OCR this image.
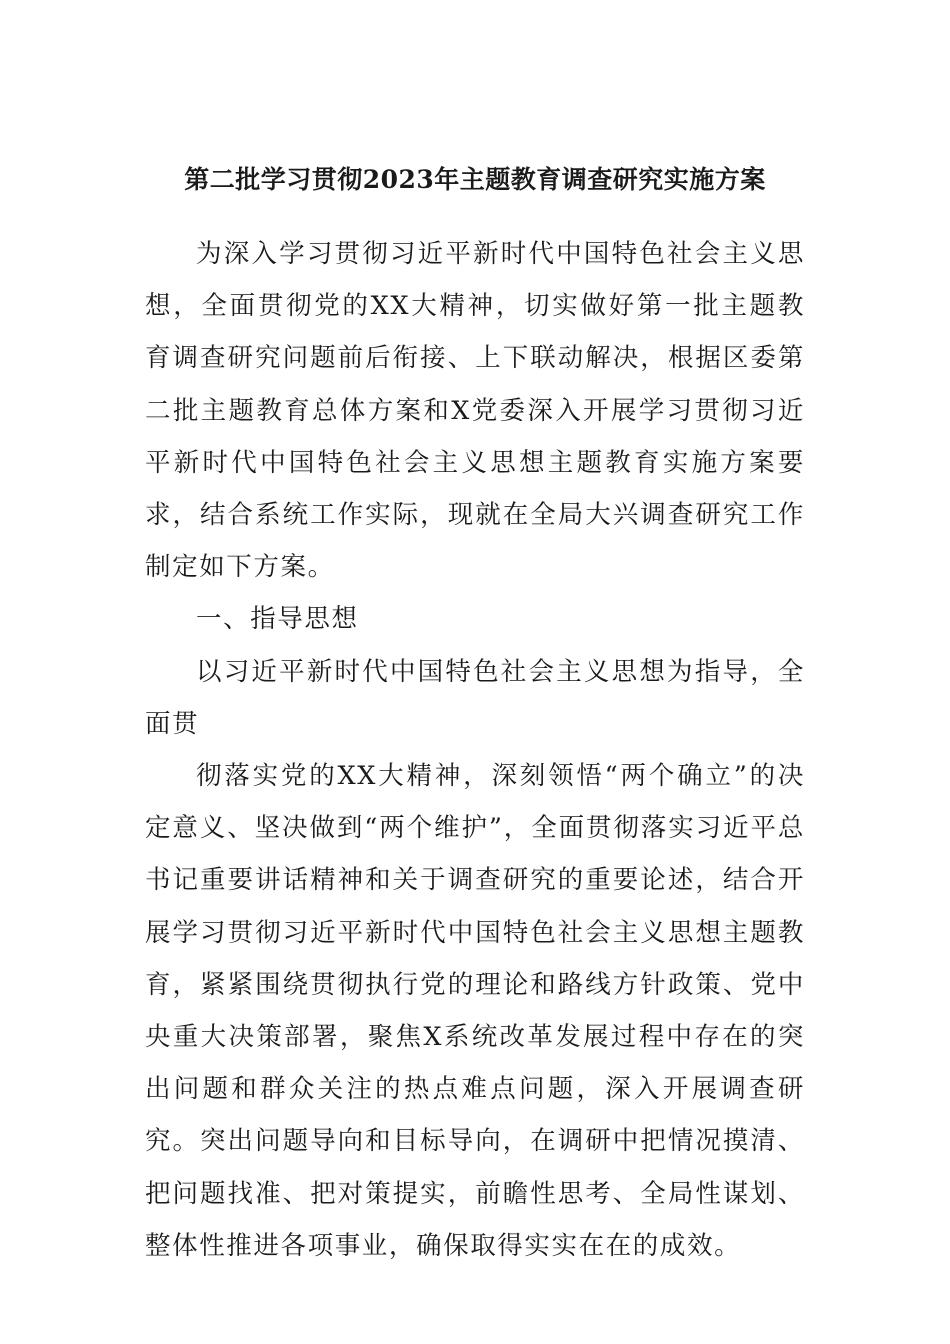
第二批学习贯彻2023年主题教育调查研究实施方案

为深入学习贯彻习近平新时代中国特色社会主义思想，全面贯彻党的XX大精神，切实做好第一批主题教育调查研究问题前后衔接、上下联动解决，根据区委第二批主题教育总体方案和X党委深入开展学习贯彻习近平新时代中国特色社会主义思想主题教育实施方案要求，结合系统工作实际，现就在全局大兴调查研究工作制定如下方案。

一、指导思想

以习近平新时代中国特色社会主义思想为指导，全面贯

彻落实党的XX大精神，深刻领悟“两个确立”的决定意义、坚决做到“两个维护”，全面贯彻落实习近平总书记重要讲话精神和关于调查研究的重要论述，结合开展学习贯彻习近平新时代中国特色社会主义思想主题教育，紧紧围绕贯彻执行党的理论和路线方针政策、党中央重大决策部署，聚焦X系统改革发展过程中存在的突出问题和群众关注的热点难点问题，深入开展调查研究。突出问题导向和目标导向，在调研中把情况摸清、把问题找准、把对策提实，前瞻性思考、全局性谋划、整体性推进各项事业，确保取得实实在在的成效。
